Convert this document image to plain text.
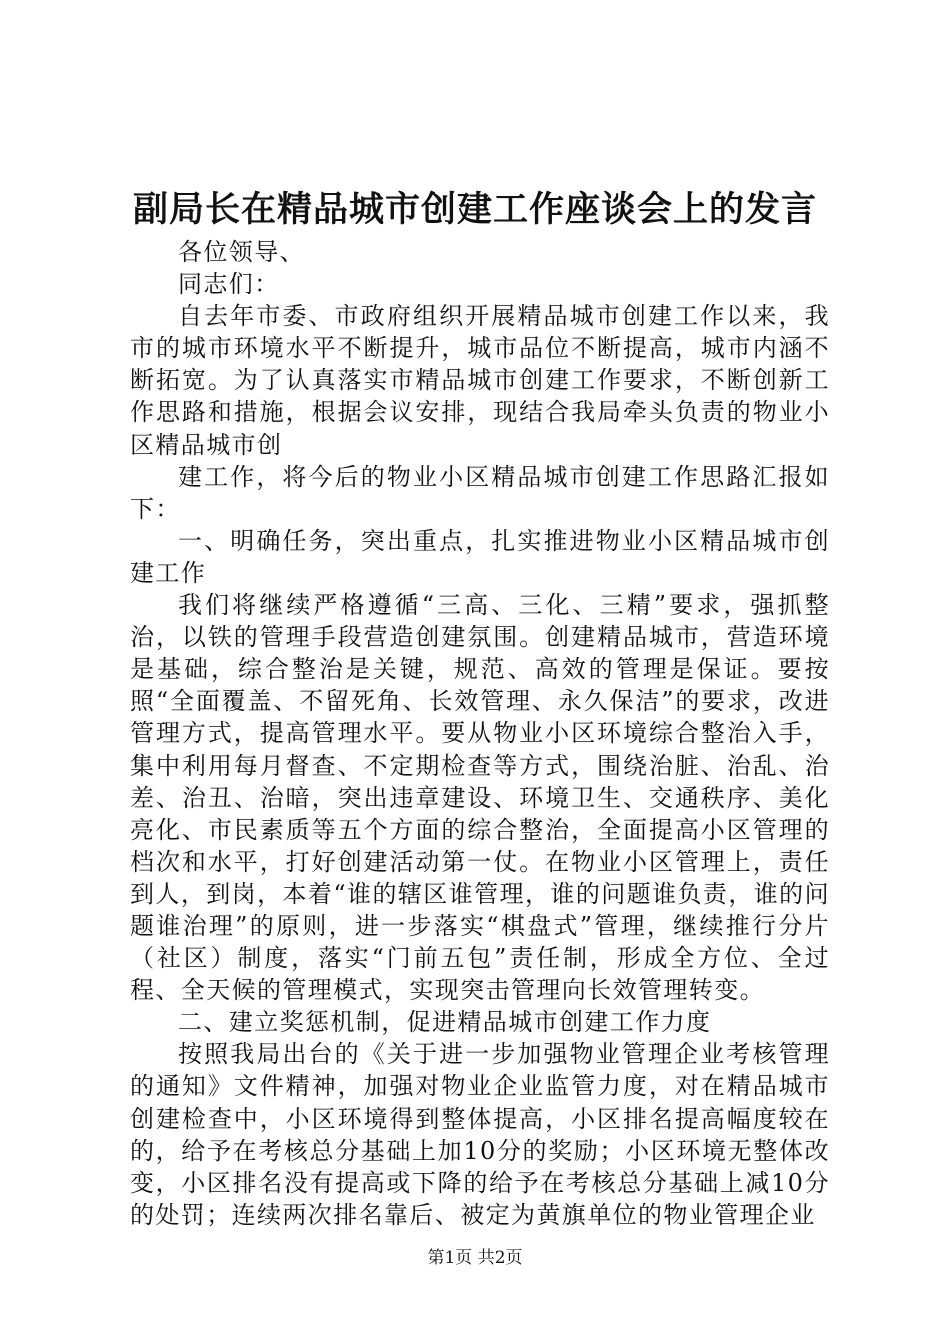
副局长在精品城市创建工作座谈会上的发言

各位领导、

同志们：

自去年市委、市政府组织开展精品城市创建工作以来，我市的城市环境水平不断提升，城市品位不断提高，城市内涵不断拓宽。为了认真落实市精品城市创建工作要求，不断创新工作思路和措施，根据会议安排，现结合我局牵头负责的物业小区精品城市创

建工作，将今后的物业小区精品城市创建工作思路汇报如下：

一、明确任务，突出重点，扎实推进物业小区精品城市创建工作

我们将继续严格遵循“三高、三化、三精”要求，强抓整治，以铁的管理手段营造创建氛围。创建精品城市，营造环境是基础，综合整治是关键，规范、高效的管理是保证。要按照“全面覆盖、不留死角、长效管理、永久保洁”的要求，改进管理方式，提高管理水平。要从物业小区环境综合整治入手，集中利用每月督查、不定期检查等方式，围绕治脏、治乱、治差、治丑、治暗，突出违章建设、环境卫生、交通秩序、美化亮化、市民素质等五个方面的综合整治，全面提高小区管理的档次和水平，打好创建活动第一仗。在物业小区管理上，责任到人，到岗，本着“谁的辖区谁管理，谁的问题谁负责，谁的问题谁治理”的原则，进一步落实“棋盘式”管理，继续推行分片（社区）制度，落实“门前五包”责任制，形成全方位、全过程、全天候的管理模式，实现突击管理向长效管理转变。

二、建立奖惩机制，促进精品城市创建工作力度

按照我局出台的《关于进一步加强物业管理企业考核管理的通知》文件精神，加强对物业企业监管力度，对在精品城市创建检查中，小区环境得到整体提高，小区排名提高幅度较在的，给予在考核总分基础上加10分的奖励；小区环境无整体改变，小区排名没有提高或下降的给予在考核总分基础上减10分的处罚；连续两次排名靠后、被定为黄旗单位的物业管理企业

第1页 共2页
